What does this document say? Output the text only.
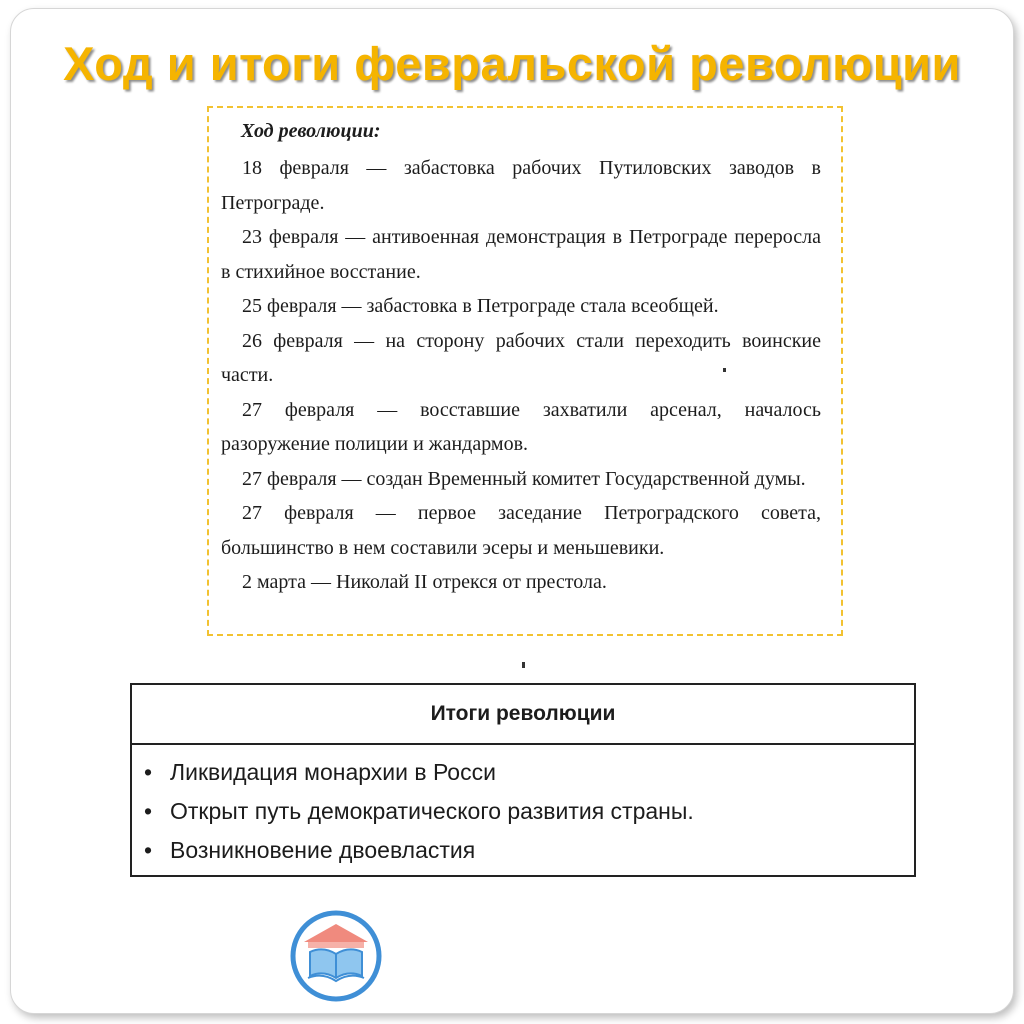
Ход и итоги февральской революции
Ход революции:
18 февраля — забастовка рабочих Путиловских заводов в Петрограде.
23 февраля — антивоенная демонстрация в Петрограде переросла в стихийное восстание.
25 февраля — забастовка в Петрограде стала всеобщей.
26 февраля — на сторону рабочих стали переходить воинские части.
27 февраля — восставшие захватили арсенал, началось разоружение полиции и жандармов.
27 февраля — создан Временный комитет Государственной думы.
27 февраля — первое заседание Петроградского совета, большинство в нем составили эсеры и меньшевики.
2 марта — Николай II отрекся от престола.
Итоги революции
• Ликвидация монархии в Росси
• Открыт путь демократического развития страны.
• Возникновение двоевластия
